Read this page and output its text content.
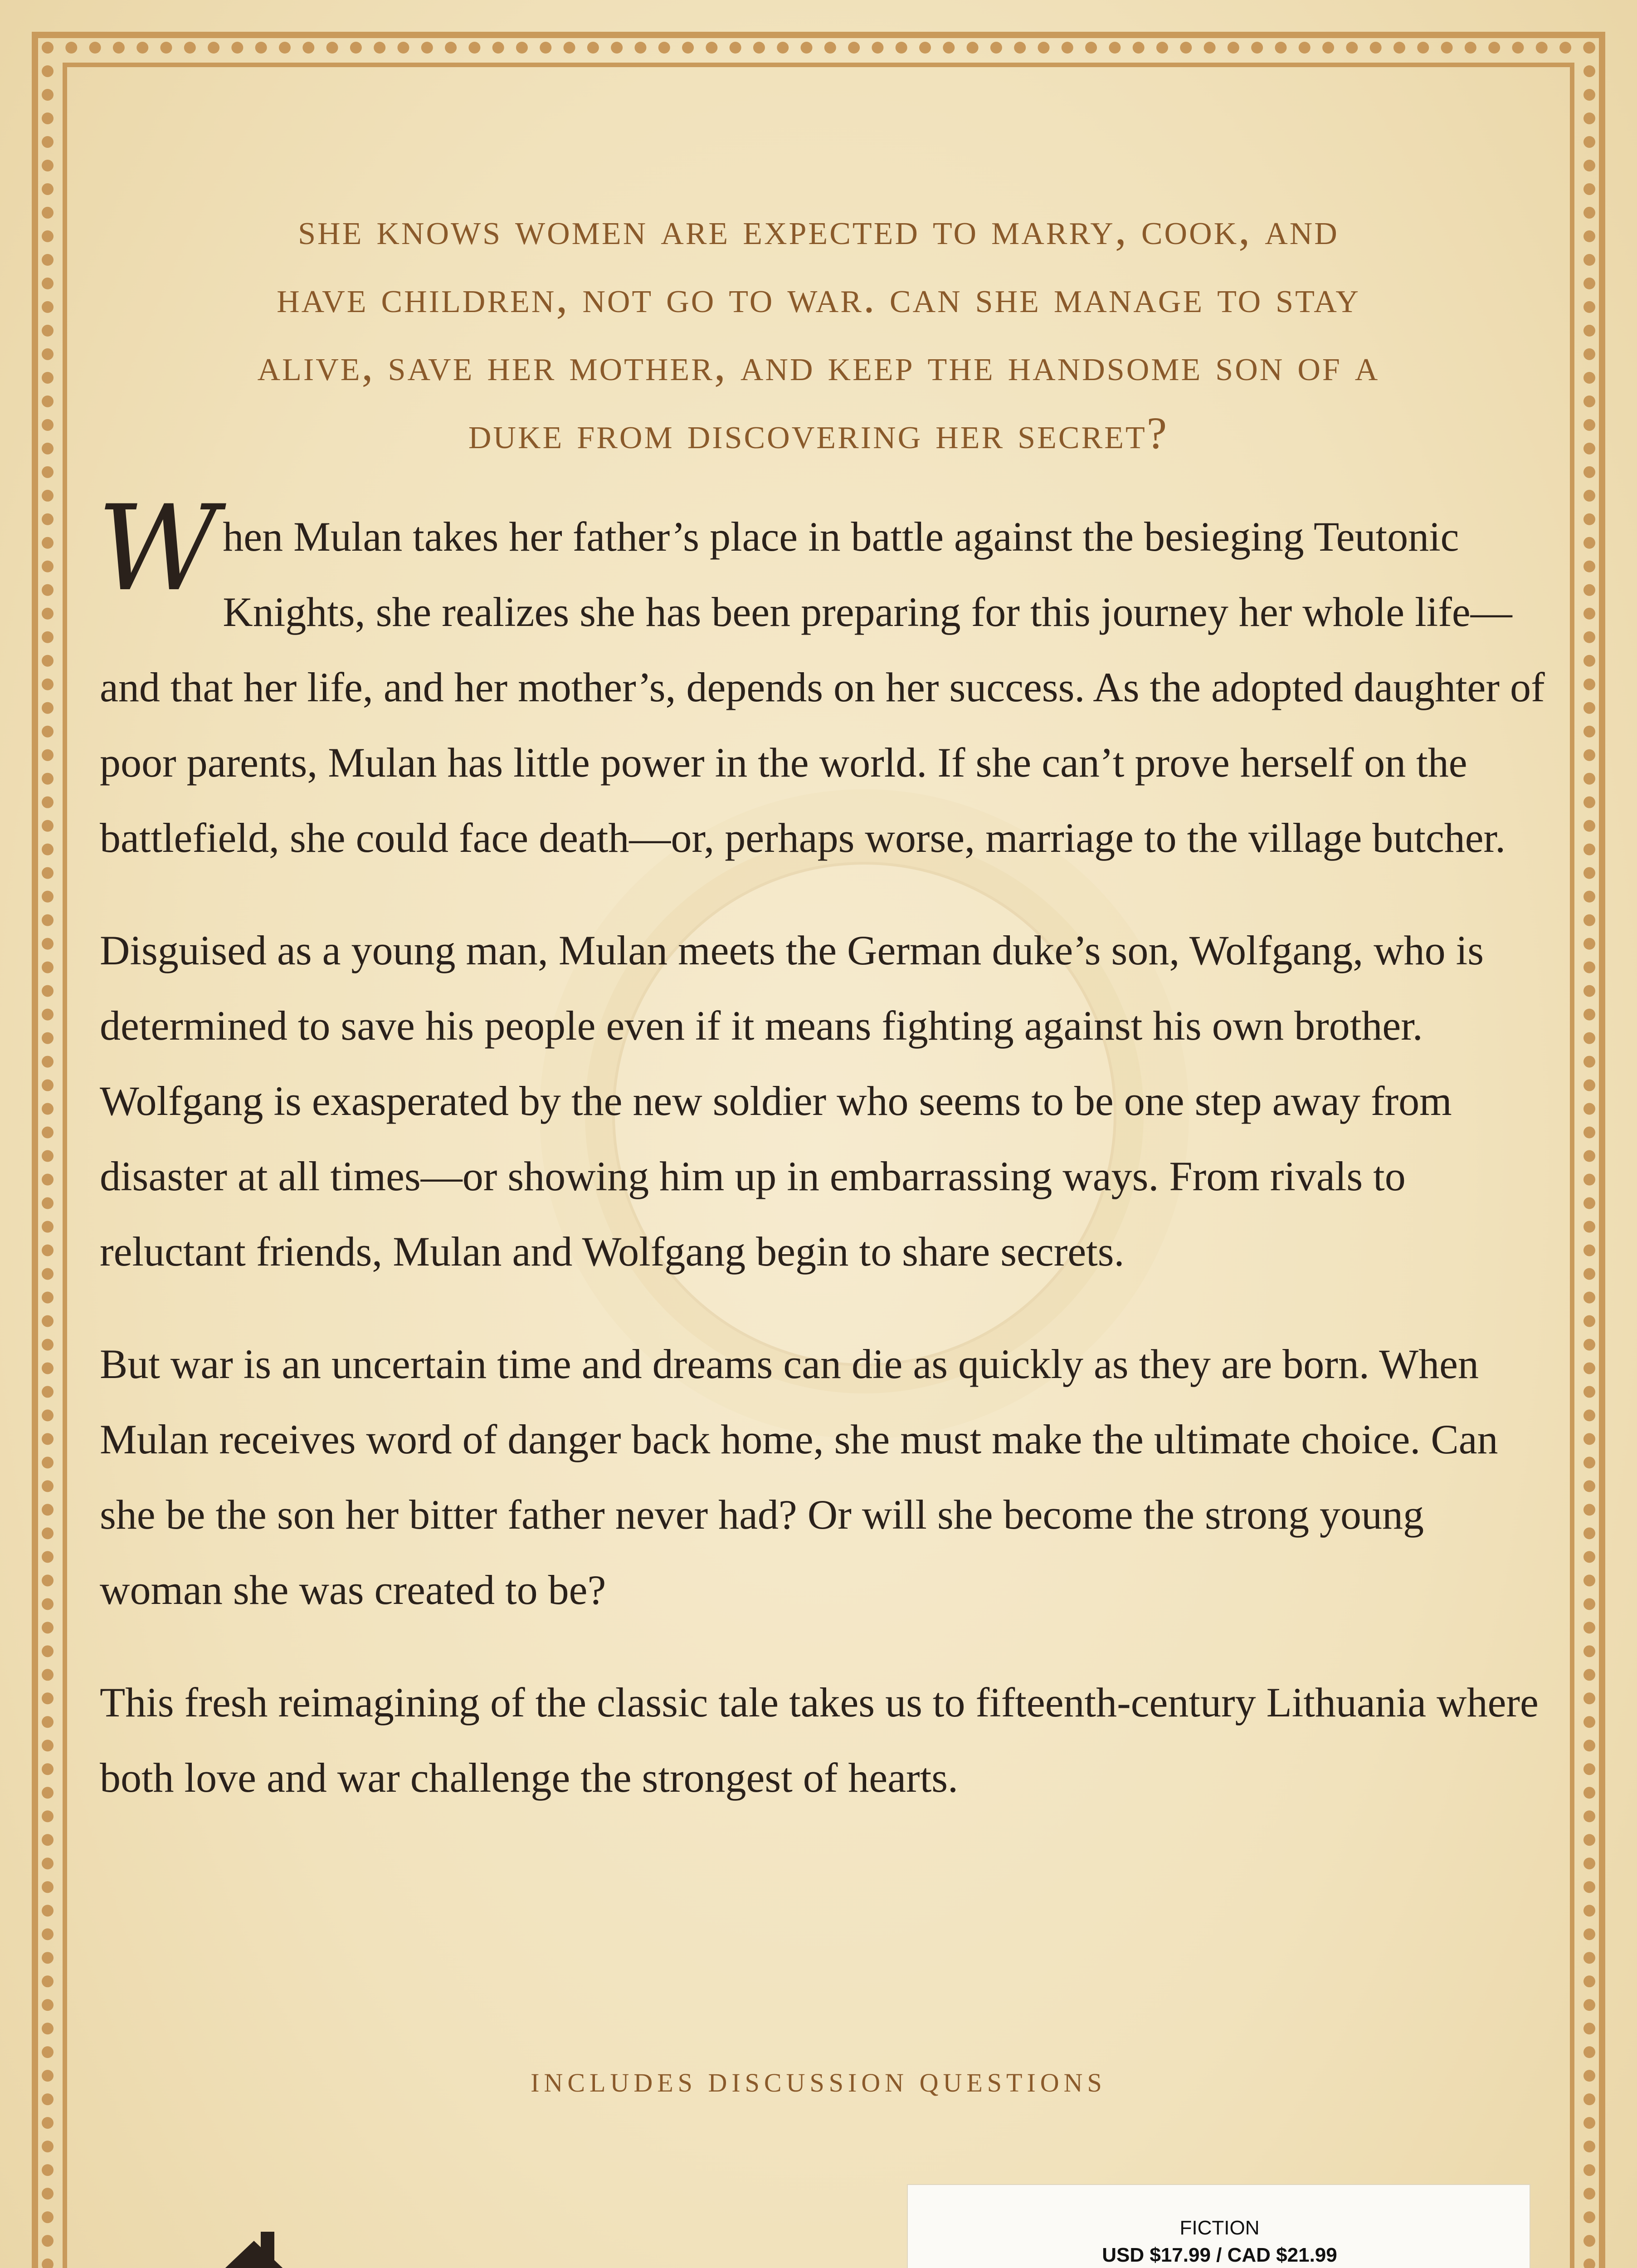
she knows women are expected to marry, cook, and
have children, not go to war. can she manage to stay
alive, save her mother, and keep the handsome son of a
duke from discovering her secret?

When Mulan takes her father’s place in battle against the besieging Teutonic Knights, she realizes she has been preparing for this journey her whole life—and that her life, and her mother’s, depends on her success. As the adopted daughter of poor parents, Mulan has little power in the world. If she can’t prove herself on the battlefield, she could face death—or, perhaps worse, marriage to the village butcher.

Disguised as a young man, Mulan meets the German duke’s son, Wolfgang, who is determined to save his people even if it means fighting against his own brother. Wolfgang is exasperated by the new soldier who seems to be one step away from disaster at all times—or showing him up in embarrassing ways. From rivals to reluctant friends, Mulan and Wolfgang begin to share secrets.

But war is an uncertain time and dreams can die as quickly as they are born. When Mulan receives word of danger back home, she must make the ultimate choice. Can she be the son her bitter father never had? Or will she become the strong young woman she was created to be?

This fresh reimagining of the classic tale takes us to fifteenth-century Lithuania where both love and war challenge the strongest of hearts.

INCLUDES DISCUSSION QUESTIONS
FICTION
USD $17.99 / CAD $21.99
